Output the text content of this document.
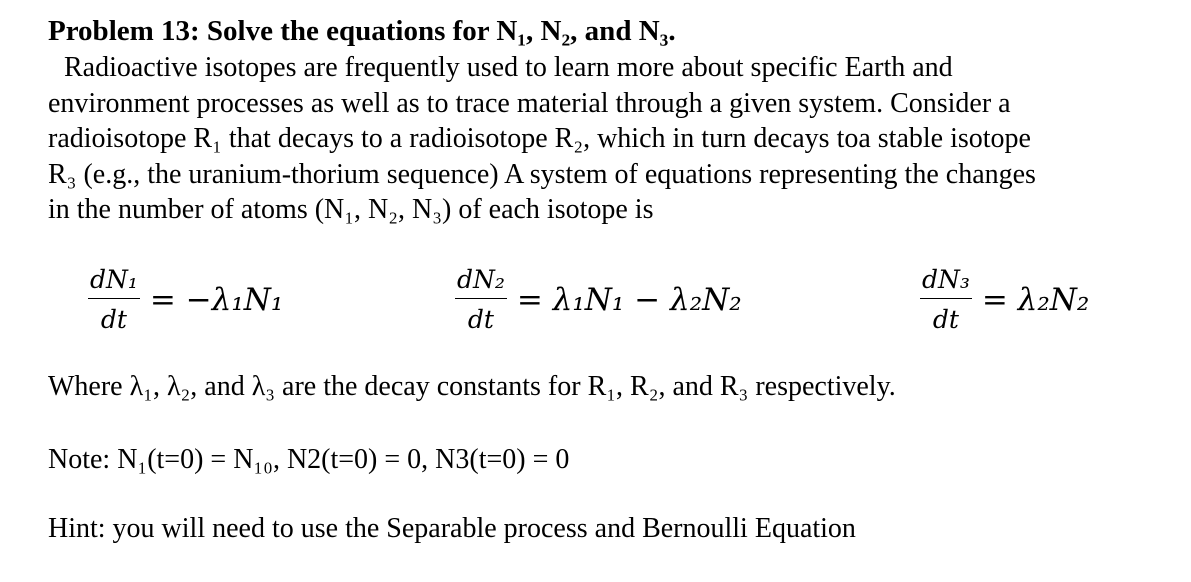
Problem 13: Solve the equations for N₁, N₂, and N₃.
Radioactive isotopes are frequently used to learn more about specific Earth and
environment processes as well as to trace material through a given system. Consider a
radioisotope R₁ that decays to a radioisotope R₂, which in turn decays toa stable isotope
R₃ (e.g., the uranium-thorium sequence) A system of equations representing the changes
in the number of atoms (N₁, N₂, N₃) of each isotope is
$\frac{\text{dN₁}}{dt} = -\lambda_1N_1$	$\frac{\text{dN₂}}{dt} = \lambda_1N_1 - \lambda_2N_2$	$\frac{\text{dN₃}}{dt} = \lambda_2N_2$
Where λ₁, λ₂, and λ₃ are the decay constants for R₁, R₂, and R₃ respectively.
Note: N₁(t=0) = N₁₀, N2(t=0) = 0, N3(t=0) = 0
Hint: you will need to use the Separable process and Bernoulli Equation
